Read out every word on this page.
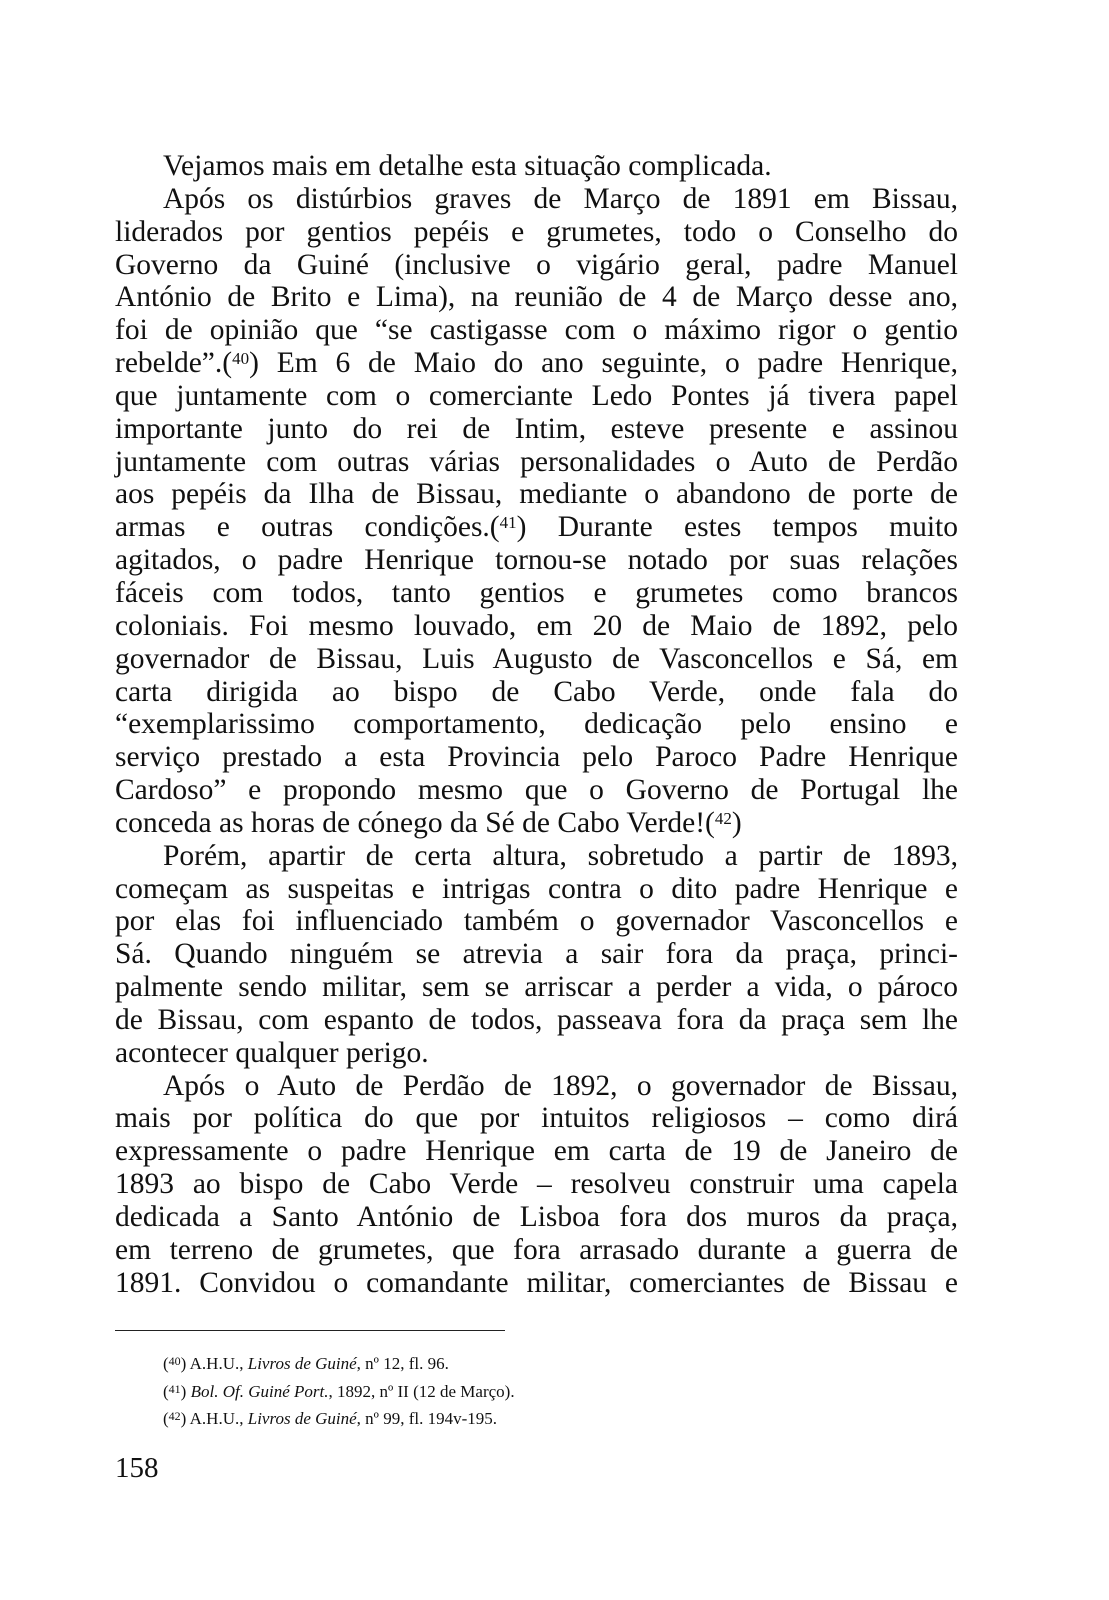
Vejamos mais em detalhe esta situação complicada.
Após os distúrbios graves de Março de 1891 em Bissau,
liderados por gentios pepéis e grumetes, todo o Conselho do
Governo da Guiné (inclusive o vigário geral, padre Manuel
António de Brito e Lima), na reunião de 4 de Março desse ano,
foi de opinião que “se castigasse com o máximo rigor o gentio
rebelde”.($^{40}$) Em 6 de Maio do ano seguinte, o padre Henrique,
que juntamente com o comerciante Ledo Pontes já tivera papel
importante junto do rei de Intim, esteve presente e assinou
juntamente com outras várias personalidades o Auto de Perdão
aos pepéis da Ilha de Bissau, mediante o abandono de porte de
armas e outras condições.($^{41}$) Durante estes tempos muito
agitados, o padre Henrique tornou-se notado por suas relações
fáceis com todos, tanto gentios e grumetes como brancos
coloniais. Foi mesmo louvado, em 20 de Maio de 1892, pelo
governador de Bissau, Luis Augusto de Vasconcellos e Sá, em
carta dirigida ao bispo de Cabo Verde, onde fala do
“exemplarissimo comportamento, dedicação pelo ensino e
serviço prestado a esta Provincia pelo Paroco Padre Henrique
Cardoso” e propondo mesmo que o Governo de Portugal lhe
conceda as horas de cónego da Sé de Cabo Verde!($^{42}$)
Porém, apartir de certa altura, sobretudo a partir de 1893,
começam as suspeitas e intrigas contra o dito padre Henrique e
por elas foi influenciado também o governador Vasconcellos e
Sá. Quando ninguém se atrevia a sair fora da praça, princi-
palmente sendo militar, sem se arriscar a perder a vida, o pároco
de Bissau, com espanto de todos, passeava fora da praça sem lhe
acontecer qualquer perigo.
Após o Auto de Perdão de 1892, o governador de Bissau,
mais por política do que por intuitos religiosos – como dirá
expressamente o padre Henrique em carta de 19 de Janeiro de
1893 ao bispo de Cabo Verde – resolveu construir uma capela
dedicada a Santo António de Lisboa fora dos muros da praça,
em terreno de grumetes, que fora arrasado durante a guerra de
1891. Convidou o comandante militar, comerciantes de Bissau e
($^{40}$) A.H.U., Livros de Guiné, nº 12, fl. 96.
($^{41}$) Bol. Of. Guiné Port., 1892, nº II (12 de Março).
($^{42}$) A.H.U., Livros de Guiné, nº 99, fl. 194v-195.
158
